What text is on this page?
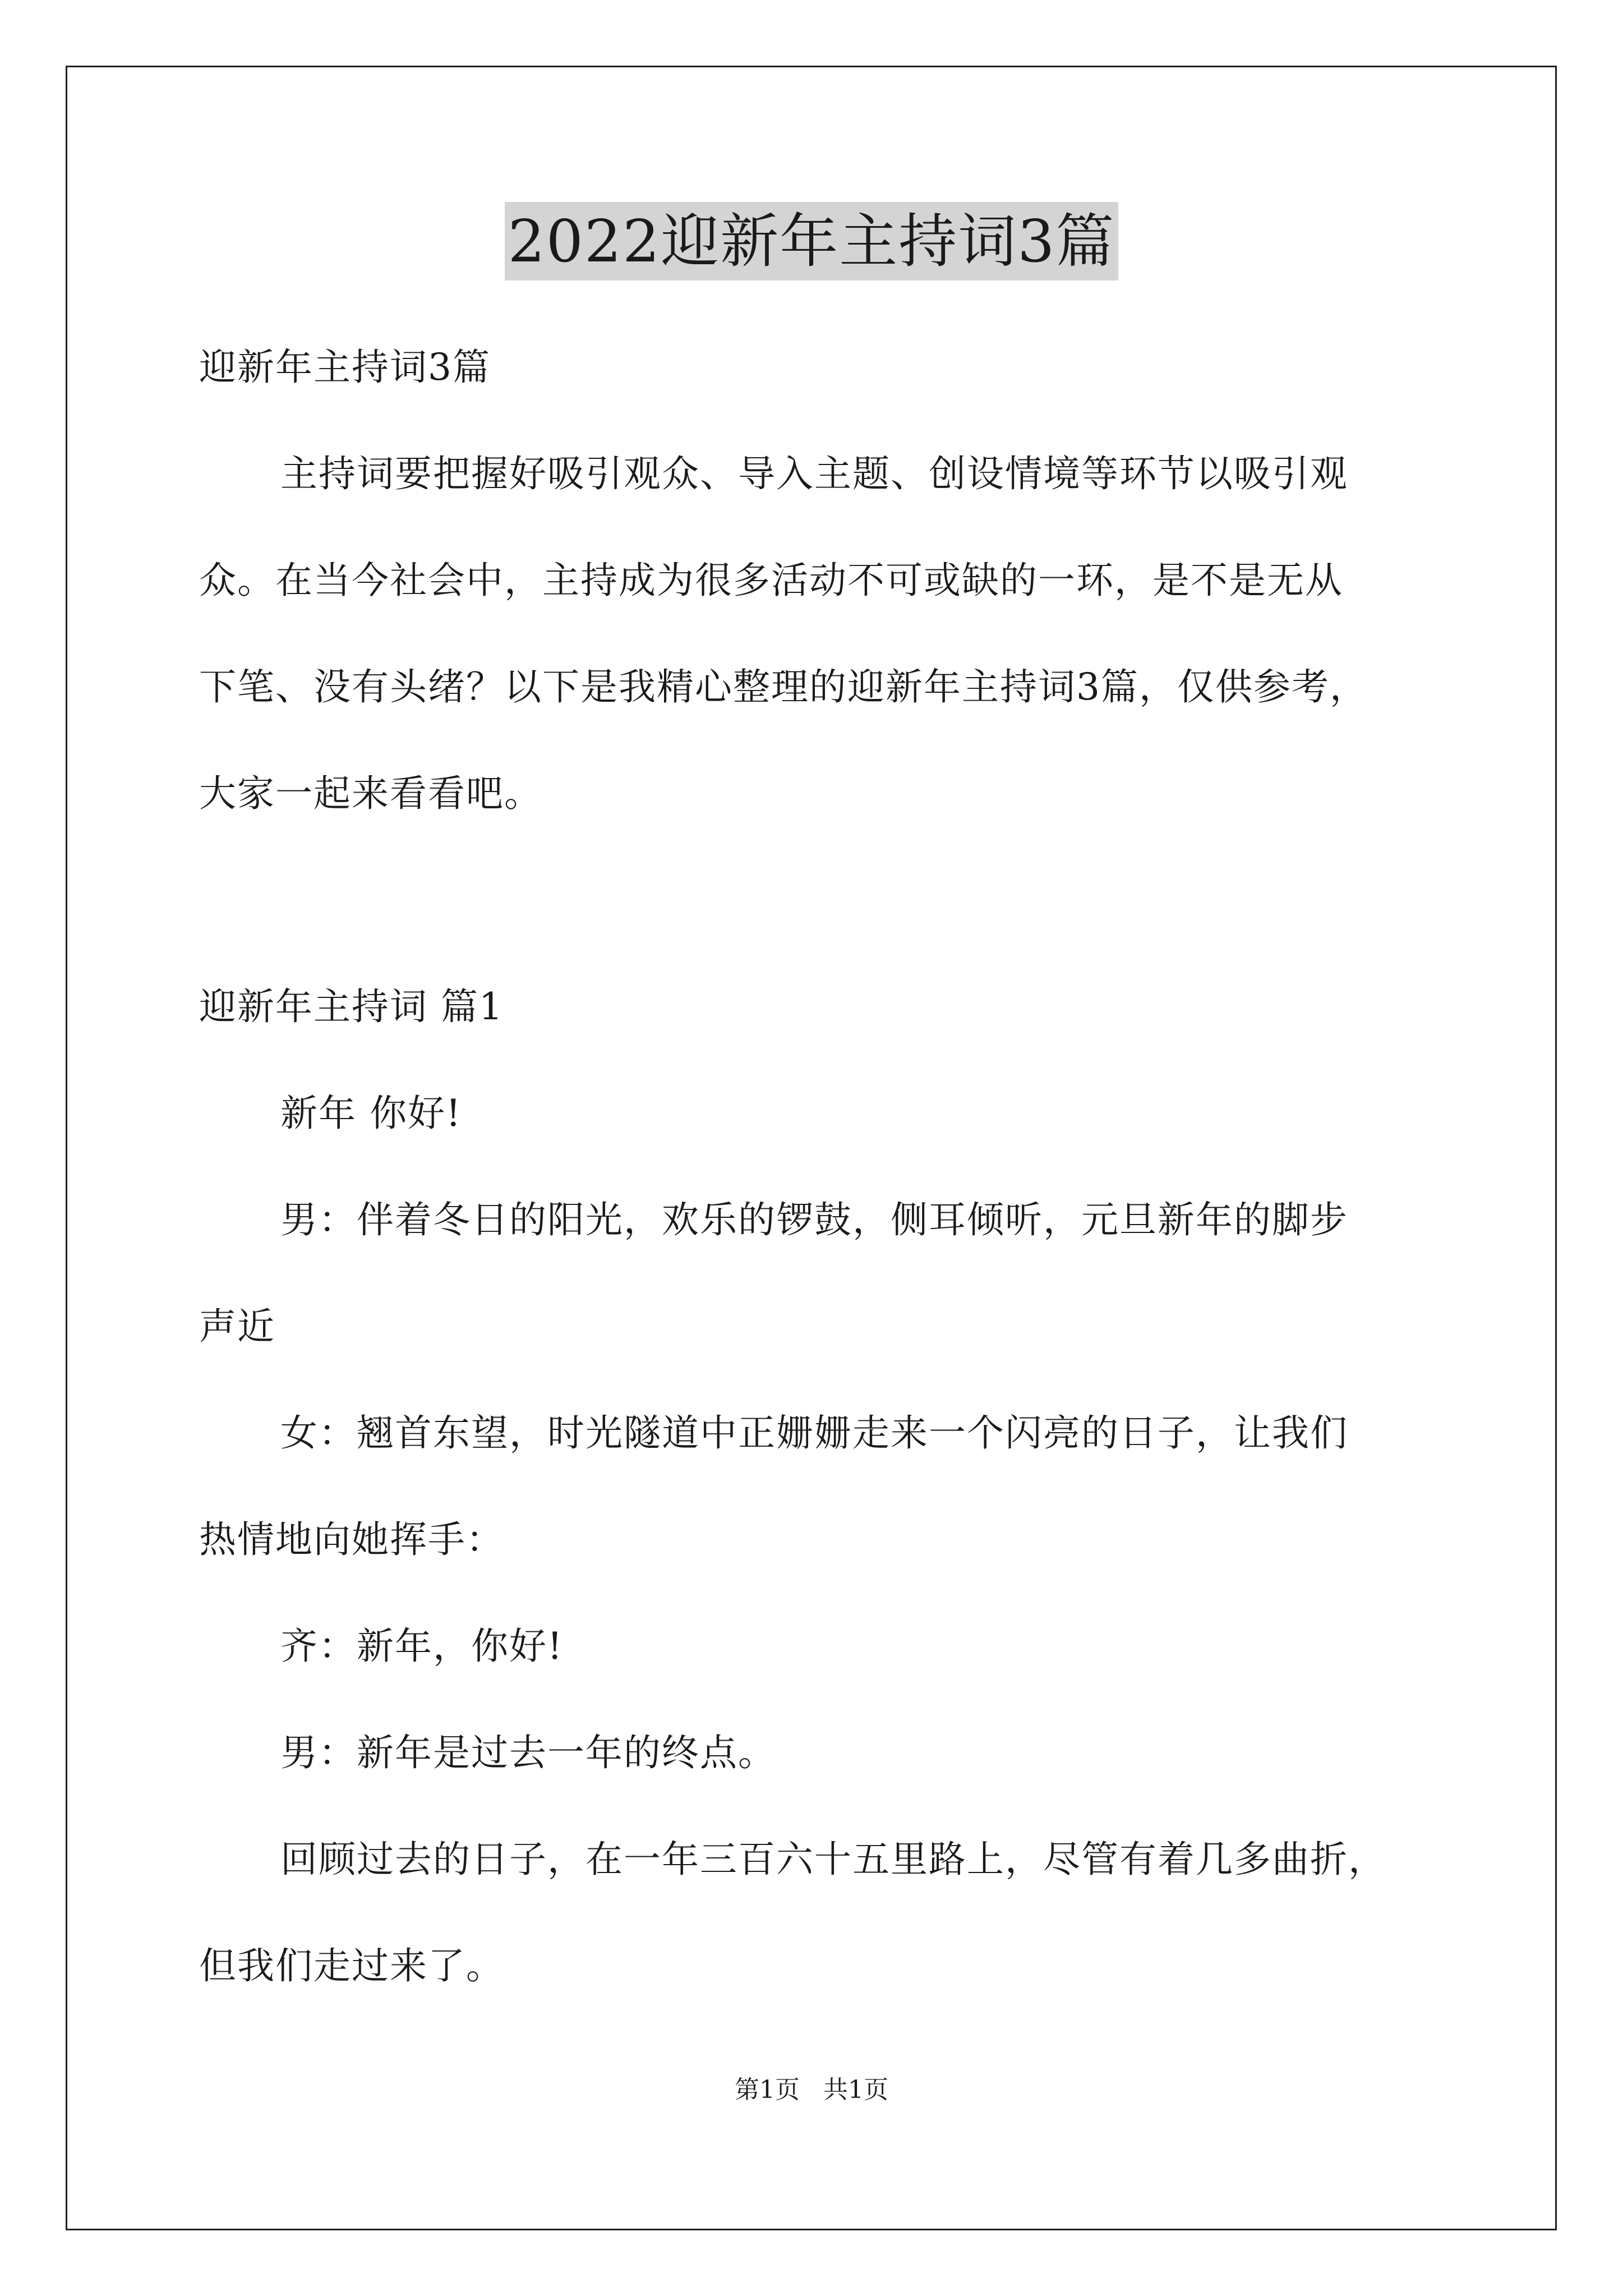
2022迎新年主持词3篇
迎新年主持词3篇
主持词要把握好吸引观众、导入主题、创设情境等环节以吸引观
众。在当今社会中，主持成为很多活动不可或缺的一环，是不是无从
下笔、没有头绪？以下是我精心整理的迎新年主持词3篇，仅供参考，
大家一起来看看吧。
迎新年主持词 篇1
新年 你好!
男：伴着冬日的阳光，欢乐的锣鼓，侧耳倾听，元旦新年的脚步
声近
女：翘首东望，时光隧道中正姗姗走来一个闪亮的日子，让我们
热情地向她挥手：
齐：新年，你好!
男：新年是过去一年的终点。
回顾过去的日子，在一年三百六十五里路上，尽管有着几多曲折，
但我们走过来了。
第1页   共1页
